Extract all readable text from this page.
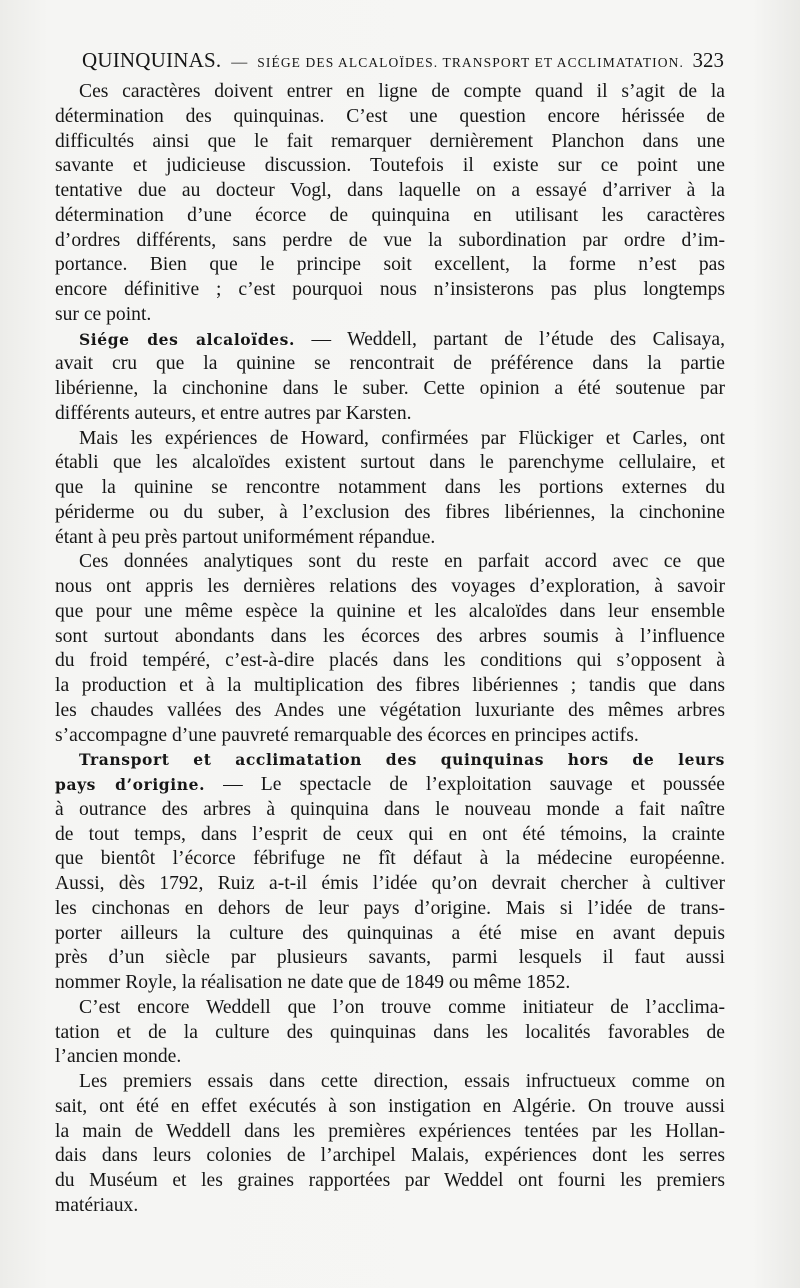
QUINQUINAS. — SIÉGE DES ALCALOÏDES. TRANSPORT ET ACCLIMATATION. 323
Ces caractères doivent entrer en ligne de compte quand il s’agit de la
détermination des quinquinas. C’est une question encore hérissée de
difficultés ainsi que le fait remarquer dernièrement Planchon dans une
savante et judicieuse discussion. Toutefois il existe sur ce point une
tentative due au docteur Vogl, dans laquelle on a essayé d’arriver à la
détermination d’une écorce de quinquina en utilisant les caractères
d’ordres différents, sans perdre de vue la subordination par ordre d’im-
portance. Bien que le principe soit excellent, la forme n’est pas
encore définitive ; c’est pourquoi nous n’insisterons pas plus longtemps
sur ce point.
Siége des alcaloïdes. — Weddell, partant de l’étude des Calisaya,
avait cru que la quinine se rencontrait de préférence dans la partie
libérienne, la cinchonine dans le suber. Cette opinion a été soutenue par
différents auteurs, et entre autres par Karsten.
Mais les expériences de Howard, confirmées par Flückiger et Carles, ont
établi que les alcaloïdes existent surtout dans le parenchyme cellulaire, et
que la quinine se rencontre notamment dans les portions externes du
périderme ou du suber, à l’exclusion des fibres libériennes, la cinchonine
étant à peu près partout uniformément répandue.
Ces données analytiques sont du reste en parfait accord avec ce que
nous ont appris les dernières relations des voyages d’exploration, à savoir
que pour une même espèce la quinine et les alcaloïdes dans leur ensemble
sont surtout abondants dans les écorces des arbres soumis à l’influence
du froid tempéré, c’est-à-dire placés dans les conditions qui s’opposent à
la production et à la multiplication des fibres libériennes ; tandis que dans
les chaudes vallées des Andes une végétation luxuriante des mêmes arbres
s’accompagne d’une pauvreté remarquable des écorces en principes actifs.
Transport et acclimatation des quinquinas hors de leurs
pays d’origine. — Le spectacle de l’exploitation sauvage et poussée
à outrance des arbres à quinquina dans le nouveau monde a fait naître
de tout temps, dans l’esprit de ceux qui en ont été témoins, la crainte
que bientôt l’écorce fébrifuge ne fît défaut à la médecine européenne.
Aussi, dès 1792, Ruiz a-t-il émis l’idée qu’on devrait chercher à cultiver
les cinchonas en dehors de leur pays d’origine. Mais si l’idée de trans-
porter ailleurs la culture des quinquinas a été mise en avant depuis
près d’un siècle par plusieurs savants, parmi lesquels il faut aussi
nommer Royle, la réalisation ne date que de 1849 ou même 1852.
C’est encore Weddell que l’on trouve comme initiateur de l’acclima-
tation et de la culture des quinquinas dans les localités favorables de
l’ancien monde.
Les premiers essais dans cette direction, essais infructueux comme on
sait, ont été en effet exécutés à son instigation en Algérie. On trouve aussi
la main de Weddell dans les premières expériences tentées par les Hollan-
dais dans leurs colonies de l’archipel Malais, expériences dont les serres
du Muséum et les graines rapportées par Weddel ont fourni les premiers
matériaux.
